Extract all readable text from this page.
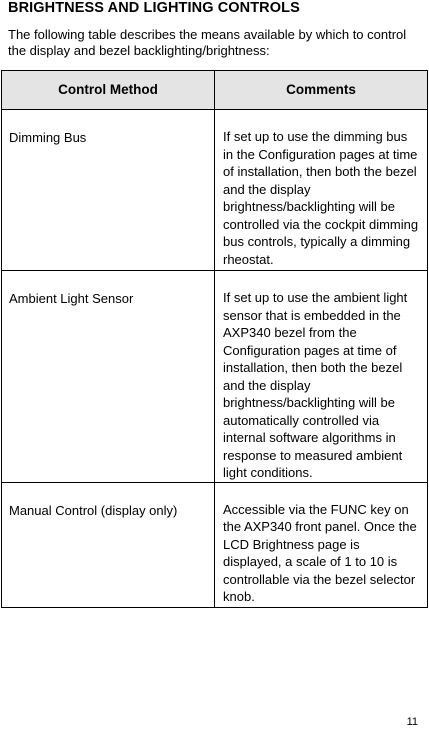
BRIGHTNESS AND LIGHTING CONTROLS
The following table describes the means available by which to control the display and bezel backlighting/brightness:
Control Method	Comments
Dimming Bus	If set up to use the dimming bus in the Configuration pages at time of installation, then both the bezel and the display brightness/backlighting will be controlled via the cockpit dimming bus controls, typically a dimming rheostat.
Ambient Light Sensor	If set up to use the ambient light sensor that is embedded in the AXP340 bezel from the Configuration pages at time of installation, then both the bezel and the display brightness/backlighting will be automatically controlled via internal software algorithms in response to measured ambient light conditions.
Manual Control (display only)	Accessible via the FUNC key on the AXP340 front panel. Once the LCD Brightness page is displayed, a scale of 1 to 10 is controllable via the bezel selector knob.
11
